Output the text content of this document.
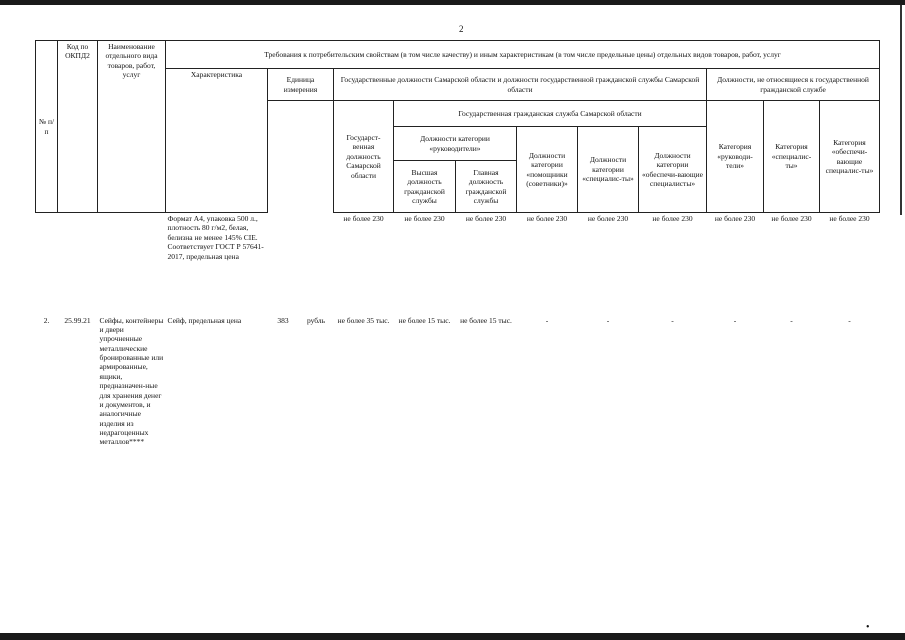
2
№ п/п	Код по ОКПД2	Наименование отдельного вида товаров, работ, услуг	Требования к потребительским свойствам (в том числе качеству) и иным характеристикам (в том числе предельные цены) отдельных видов товаров, работ, услуг											
			Характеристика	Единица измерения		Государственные должности Самарской области и должности государственной гражданской службы Самарской области						Должности, не относящиеся к государственной гражданской службе		
						Государст-венная должность Самарской области	Государственная гражданская служба Самарской области					Категория «руководи-тели»	Категория «специалис-ты»	Категория «обеспечи-вающие специалис-ты»
							Должности категории «руководители»		Должности категории «помощники (советники)»	Должности категории «специалис-ты»	Должности категории «обеспечи-вающие специалисты»			
							Высшая должность гражданской службы	Главная должность гражданской службы						
			Формат А4, упаковка 500 л., плотность 80 г/м2, белая, белизна не менее 145% CIE. Соответствует ГОСТ Р 57641-2017, предельная цена			не более 230	не более 230	не более 230	не более 230	не более 230	не более 230	не более 230	не более 230	не более 230
2.	25.99.21	Сейфы, контейнеры и двери упрочненные металлические бронированные или армированные, ящики, предназначен-ные для хранения денег и документов, и аналогичные изделия из недрагоценных металлов****	Сейф, предельная цена	383	рубль	не более 35 тыс.	не более 15 тыс.	не более 15 тыс.	-	-	-	-	-	-
•
